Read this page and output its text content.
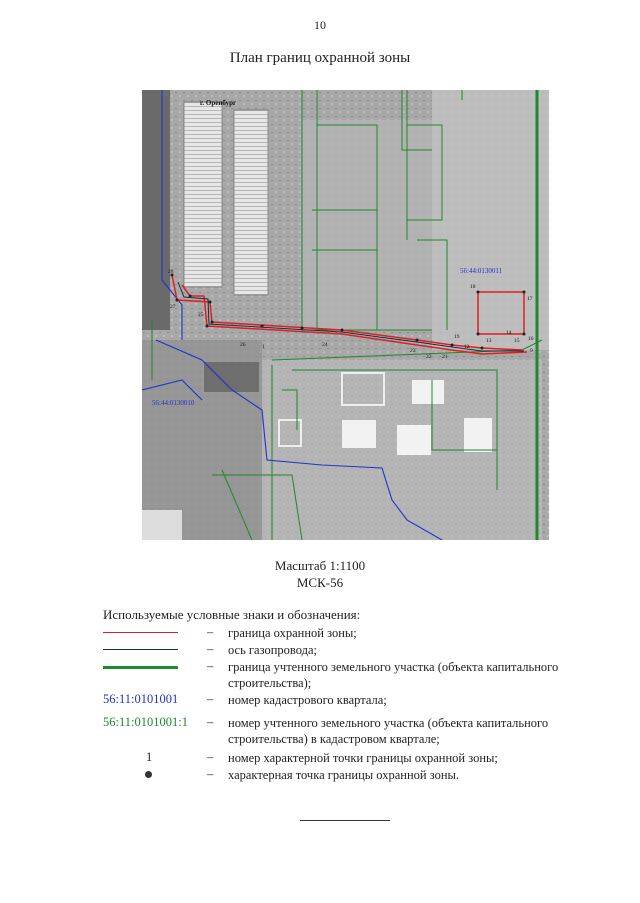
10
План границ охранной зоны
г. Оренбург
56:44:0130010
56:44:0130011
28
27
25
26	1	24
23
22 21
19
18
17
16
15
14
13
12
9
Масштаб 1:1100
МСК-56
Используемые условные знаки и обозначения:
– граница охранной зоны;
– ось газопровода;
– граница учтенного земельного участка (объекта капитального строительства);
56:11:0101001 – номер кадастрового квартала;
56:11:0101001:1 – номер учтенного земельного участка (объекта капитального строительства) в кадастровом квартале;
1	– номер характерной точки границы охранной зоны;
– характерная точка границы охранной зоны.
